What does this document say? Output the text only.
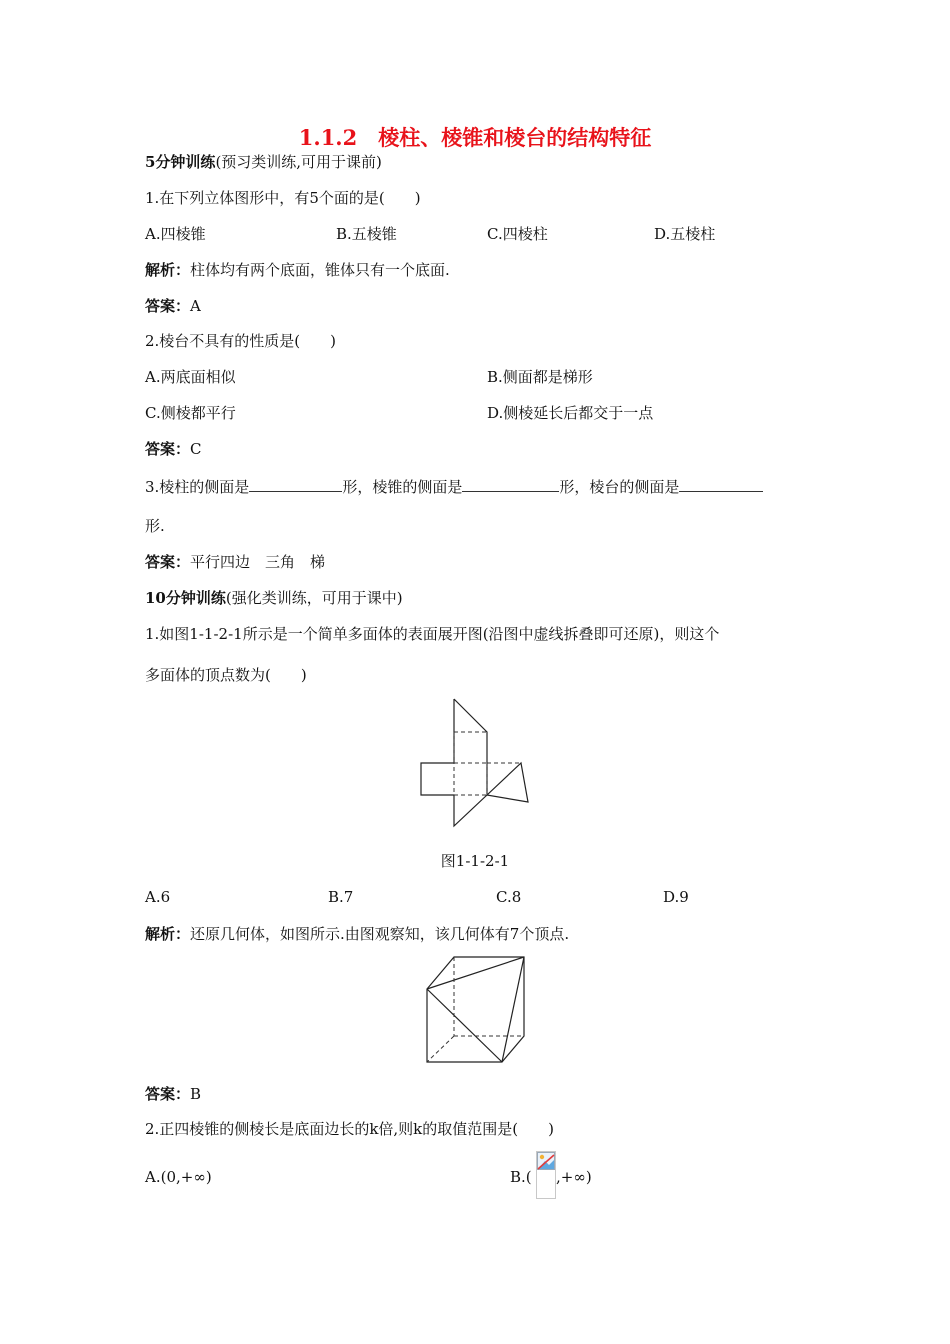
1.1.2　棱柱、棱锥和棱台的结构特征
5分钟训练(预习类训练,可用于课前)
1.在下列立体图形中，有5个面的是(　　)
A.四棱锥	B.五棱锥	C.四棱柱	D.五棱柱
解析：柱体均有两个底面，锥体只有一个底面.
答案：A
2.棱台不具有的性质是(　　)
A.两底面相似	B.侧面都是梯形
C.侧棱都平行	D.侧棱延长后都交于一点
答案：C
3.棱柱的侧面是	形，棱锥的侧面是	形，棱台的侧面是
形.
答案：平行四边　三角　梯
10分钟训练(强化类训练，可用于课中)
1.如图1-1-2-1所示是一个简单多面体的表面展开图(沿图中虚线拆叠即可还原)，则这个
多面体的顶点数为(　　)
图1-1-2-1
A.6	B.7	C.8	D.9
解析：还原几何体，如图所示.由图观察知，该几何体有7个顶点.
答案：B
2.正四棱锥的侧棱长是底面边长的k倍,则k的取值范围是(　　)
A.(0,+∞)	B.( ,+∞)
